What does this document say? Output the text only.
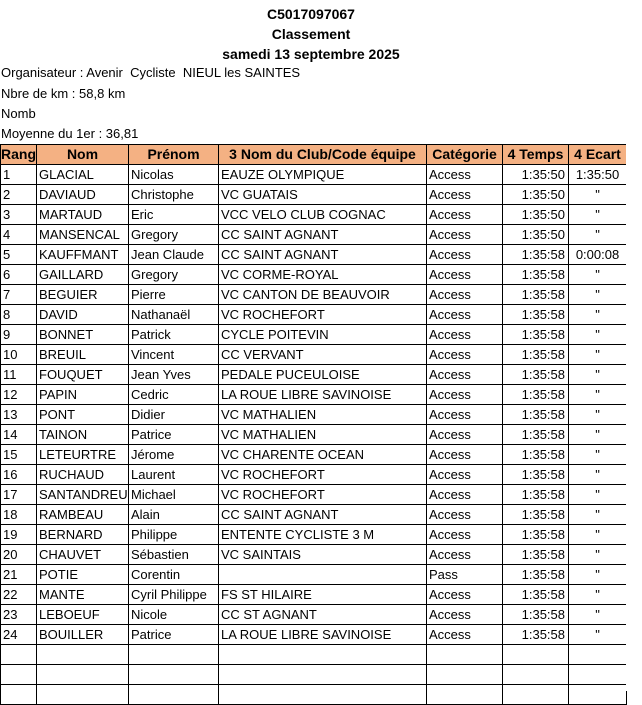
C5017097067
Classement
samedi 13 septembre 2025
Organisateur : Avenir  Cycliste  NIEUL les SAINTES
Nbre de km : 58,8 km
Nomb
Moyenne du 1er : 36,81
Rang	Nom	Prénom	3 Nom du Club/Code équipe	Catégorie	4 Temps	4 Ecart
1	GLACIAL	Nicolas	EAUZE OLYMPIQUE	Access	1:35:50	1:35:50
2	DAVIAUD	Christophe	VC GUATAIS	Access	1:35:50	"
3	MARTAUD	Eric	VCC VELO CLUB COGNAC	Access	1:35:50	"
4	MANSENCAL	Gregory	CC SAINT AGNANT	Access	1:35:50	"
5	KAUFFMANT	Jean Claude	CC SAINT AGNANT	Access	1:35:58	0:00:08
6	GAILLARD	Gregory	VC CORME-ROYAL	Access	1:35:58	"
7	BEGUIER	Pierre	VC CANTON DE BEAUVOIR	Access	1:35:58	"
8	DAVID	Nathanaël	VC ROCHEFORT	Access	1:35:58	"
9	BONNET	Patrick	CYCLE POITEVIN	Access	1:35:58	"
10	BREUIL	Vincent	CC VERVANT	Access	1:35:58	"
11	FOUQUET	Jean Yves	PEDALE PUCEULOISE	Access	1:35:58	"
12	PAPIN	Cedric	LA ROUE LIBRE SAVINOISE	Access	1:35:58	"
13	PONT	Didier	VC MATHALIEN	Access	1:35:58	"
14	TAINON	Patrice	VC MATHALIEN	Access	1:35:58	"
15	LETEURTRE	Jérome	VC CHARENTE OCEAN	Access	1:35:58	"
16	RUCHAUD	Laurent	VC ROCHEFORT	Access	1:35:58	"
17	SANTANDREU	Michael	VC ROCHEFORT	Access	1:35:58	"
18	RAMBEAU	Alain	CC SAINT AGNANT	Access	1:35:58	"
19	BERNARD	Philippe	ENTENTE CYCLISTE 3 M	Access	1:35:58	"
20	CHAUVET	Sébastien	VC SAINTAIS	Access	1:35:58	"
21	POTIE	Corentin		Pass	1:35:58	"
22	MANTE	Cyril Philippe	FS ST HILAIRE	Access	1:35:58	"
23	LEBOEUF	Nicole	CC ST AGNANT	Access	1:35:58	"
24	BOUILLER	Patrice	LA ROUE LIBRE SAVINOISE	Access	1:35:58	"
